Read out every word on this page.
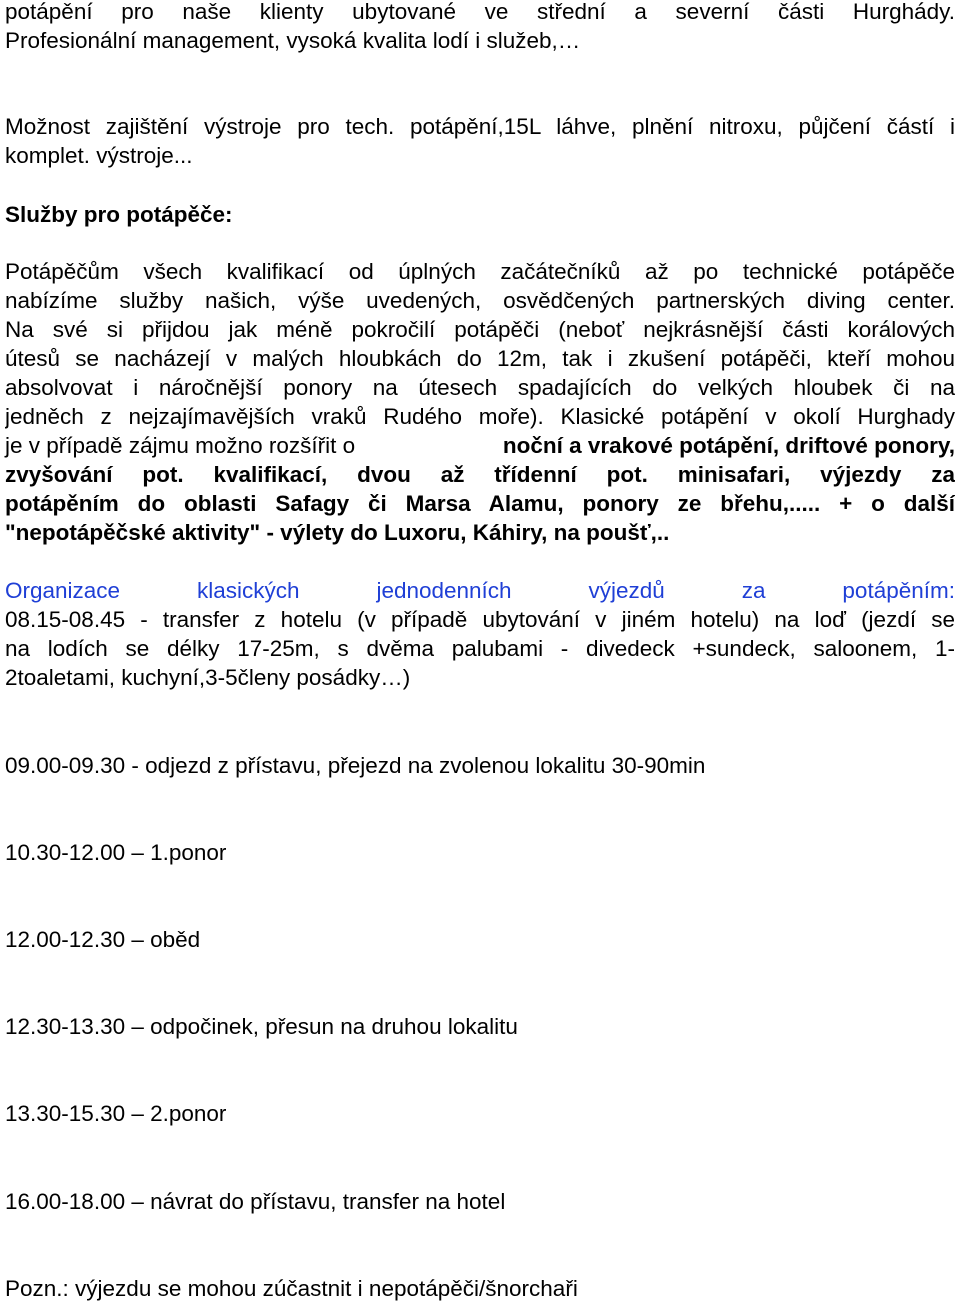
potápění pro naše klienty ubytované ve střední a severní části Hurghády.
Profesionální management, vysoká kvalita lodí i služeb,…
Možnost zajištění výstroje pro tech. potápění,15L láhve, plnění nitroxu, půjčení částí i
komplet. výstroje...
Služby pro potápěče:
Potápěčům všech kvalifikací od úplných začátečníků až po technické potápěče
nabízíme služby našich, výše uvedených, osvědčených partnerských diving center.
Na své si přijdou jak méně pokročilí potápěči (neboť nejkrásnější části korálových
útesů se nacházejí v malých hloubkách do 12m, tak i zkušení potápěči, kteří mohou
absolvovat i náročnější ponory na útesech spadajících do velkých hloubek či na
jedněch z nejzajímavějších vraků Rudého moře). Klasické potápění v okolí Hurghady
je v případě zájmu možno rozšířit o	noční a vrakové potápění, driftové ponory,
zvyšování pot. kvalifikací, dvou až třídenní pot. minisafari, výjezdy za
potápěním do oblasti Safagy či Marsa Alamu, ponory ze břehu,..... + o další
"nepotápěčské aktivity" - výlety do Luxoru, Káhiry, na poušť,..
Organizace klasických jednodenních výjezdů za potápěním:
08.15-08.45 - transfer z hotelu (v případě ubytování v jiném hotelu) na loď (jezdí se
na lodích se délky 17-25m, s dvěma palubami - divedeck +sundeck, saloonem, 1-
2toaletami, kuchyní,3-5členy posádky…)
09.00-09.30 - odjezd z přístavu, přejezd na zvolenou lokalitu 30-90min
10.30-12.00 – 1.ponor
12.00-12.30 – oběd
12.30-13.30 – odpočinek, přesun na druhou lokalitu
13.30-15.30 – 2.ponor
16.00-18.00 – návrat do přístavu, transfer na hotel
Pozn.: výjezdu se mohou zúčastnit i nepotápěči/šnorchaři
